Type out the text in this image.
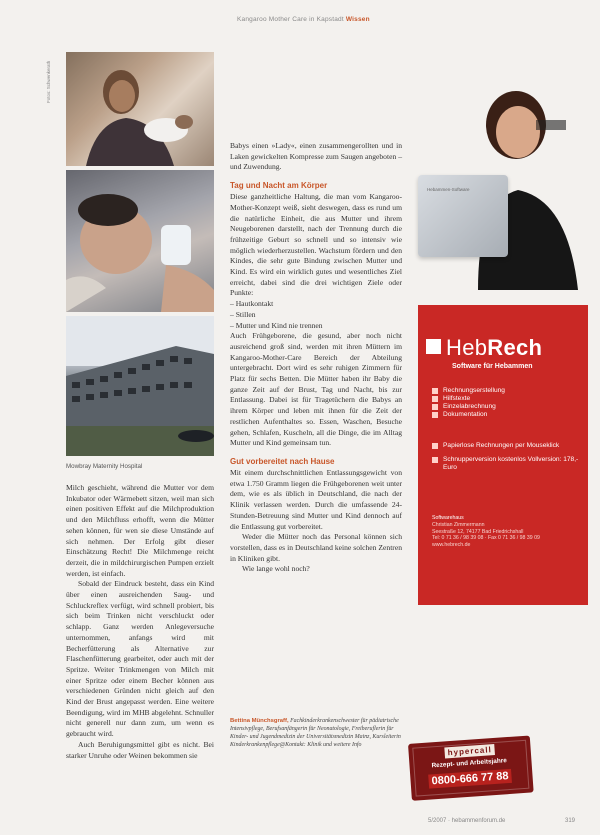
Kangaroo Mother Care in Kapstadt Wissen
Fotos: Schwenkerath
Mowbray Maternity Hospital
Hebammen-Software
HebRech
Software für Hebammen
Rechnungserstellung
Hilfstexte
Einzelabrechnung
Dokumentation
Papierlose Rechnungen per Mouseklick
Schnupperversion kostenlos Vollversion: 178,- Euro
Softwarehaus
Christian Zimmermann
Seestraße 12, 74177 Bad Friedrichshall
Tel: 0 71 36 / 98 39 08 · Fax 0 71 36 / 98 39 09
www.hebrech.de
hypercall
Rezept- und Arbeitsjahre
0800-666 77 88

Milch geschieht, während die Mutter vor dem Inkubator oder Wärmebett sitzen, weil man sich einen positiven Effekt auf die Milchproduktion und den Milchfluss erhofft, wenn die Mütter sehen können, für wen sie diese Umstände auf sich nehmen. Der Erfolg gibt dieser Einschätzung Recht! Die Milchmenge reicht derzeit, die in mildchirurgischen Pumpen erzielt werden, ist einfach.

Sobald der Eindruck besteht, dass ein Kind über einen ausreichenden Saug- und Schluckreflex verfügt, wird schnell probiert, bis sich beim Trinken nicht verschluckt oder schlapp. Ganz werden Anlegeversuche unternommen, anfangs wird mit Becherfütterung als Alternative zur Flaschenfütterung gearbeitet, oder auch mit der Spritze. Weiter Trinkmengen von Milch mit einer Spritze oder einem Becher können aus verschiedenen Gründen nicht gleich auf den Kind der Brust angepasst werden. Eine weitere Beendigung, wird im MHB abgelehnt. Schnuller nicht generell nur dann zum, um wenn es gebraucht wird.

Auch Beruhigungsmittel gibt es nicht. Bei starker Unruhe oder Weinen bekommen sie

Babys einen »Lady«, einen zusammengerollten und in Laken gewickelten Kompresse zum Saugen angeboten – und Zuwendung.

Tag und Nacht am Körper

Diese ganzheitliche Haltung, die man vom Kangaroo-Mother-Konzept weiß, sieht deswegen, dass es rund um die natürliche Einheit, die aus Mutter und ihrem Neugeborenen darstellt, nach der Trennung durch die frühzeitige Geburt so schnell und so intensiv wie möglich wiederherzustellen. Wachstum fördern und den Kindes, die sehr gute Bindung zwischen Mutter und Kind. Es wird ein wirklich gutes und wesentliches Ziel erreicht, dabei sind die drei wichtigen Ziele oder Punkte:

– Hautkontakt

– Stillen

– Mutter und Kind nie trennen

Auch Frühgeborene, die gesund, aber noch nicht ausreichend groß sind, werden mit ihren Müttern im Kangaroo-Mother-Care Bereich der Abteilung untergebracht. Dort wird es sehr ruhigen Zimmern für Platz für sechs Betten. Die Mütter haben ihr Baby die ganze Zeit auf der Brust, Tag und Nacht, bis zur Entlassung. Dabei ist für Tragetüchern die Babys an ihrem Körper und leben mit ihnen für die Zeit der restlichen Aufenthaltes so. Essen, Waschen, Besuche gehen, Schlafen, Kuscheln, all die Dinge, die im Alltag Mutter und Kind gemeinsam tun.

Gut vorbereitet nach Hause

Mit einem durchschnittlichen Entlassungsgewicht von etwa 1.750 Gramm liegen die Frühgeborenen weit unter dem, wie es als üblich in Deutschland, die nach der Klinik verlassen werden. Durch die umfassende 24-Stunden-Betreuung sind Mutter und Kind dennoch auf die Entlassung gut vorbereitet.

Weder die Mütter noch das Personal können sich vorstellen, dass es in Deutschland keine solchen Zentren in Kliniken gibt.

Wie lange wohl noch?

Bettina Münchsgraff, Fachkinderkrankenschwester für pädiatrische Intensivpflege, Berufsanfängerin für Neonatologie, Freiberuflerin für Kinder- und Jugendmedizin der Universitätsmedizin Mainz, Kursleiterin Kinderkrankenpflege@Kontakt: Klinik und weitere Info
5/2007 · hebammenforum.de	319
